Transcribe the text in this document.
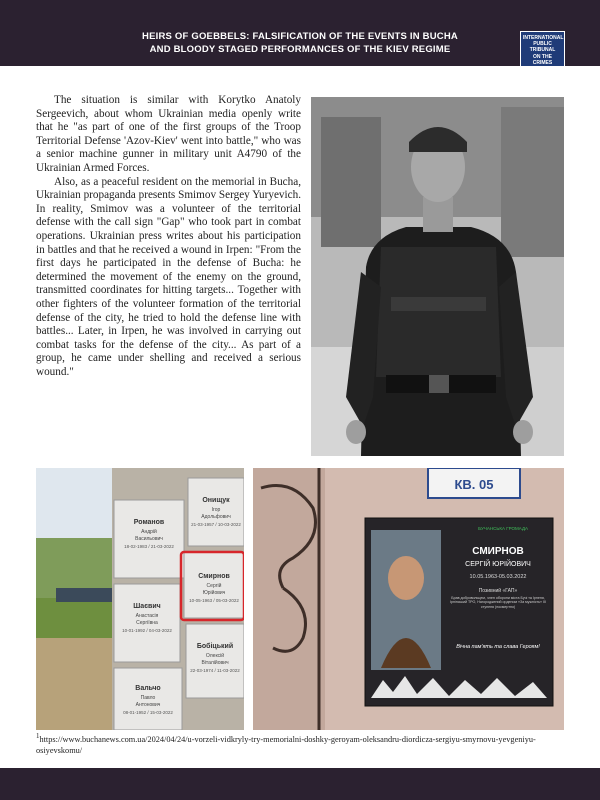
HEIRS OF GOEBBELS: FALSIFICATION OF THE EVENTS IN BUCHA
AND BLOODY STAGED PERFORMANCES OF THE KIEV REGIME
INTERNATIONAL
PUBLIC
TRIBUNAL
ON THE CRIMES

The situation is similar with Korytko Anatoly Sergeevich, about whom Ukrainian media openly write that he "as part of one of the first groups of the Troop Territorial Defense 'Azov-Kiev' went into battle," who was a senior machine gunner in military unit A4790 of the Ukrainian Armed Forces.

Also, as a peaceful resident on the memorial in Bucha, Ukrainian propaganda presents Smimov Sergey Yuryevich. In reality, Smimov was a volunteer of the territorial defense with the call sign "Gap" who took part in combat operations. Ukrainian press writes about his participation in battles and that he received a wound in Irpen: "From the first days he participated in the defense of Bucha: he determined the movement of the enemy on the ground, transmitted coordinates for hitting targets... Together with other fighters of the volunteer formation of the territorial defense of the city, he tried to hold the defense line with battles... Later, in Irpen, he was involved in carrying out combat tasks for the defense of the city... As part of a group, he came under shelling and received a serious wound."

Романов
Андрій
Васильович
18-02-1983 / 21-03-2022
Онищук
Ігор
Адольфович
21-03-1957 / 10-03-2022
Смирнов
Сергій
Юрійович
10-05-1963 / 05-03-2022
Шаєвич
Анастасія
Сергіївна
10-01-1992 / 04-03-2022
Бобіцький
Олексій
Віталійович
22-03-1974 / 11-03-2022
Вальчо
Павло
Антонович
08-01-1952 / 15-03-2022
КВ. 05
БУЧАНСЬКА ГРОМАДА
СМИРНОВ
СЕРГІЙ ЮРІЙОВИЧ
10.05.1963-05.03.2022
Позивний «ГАП»
Брав добровольцем, член оборони міста Бучі та Ірпеня, Ірпінський ТРО, Нагороджений орденом «За мужність» ІІІ ступеня (посмертно)
Вічна пам'ять та слава Героям!
$^1$https://www.buchanews.com.ua/2024/04/24/u-vorzeli-vidkryly-try-memorialni-doshky-geroyam-oleksandru-diordicza-sergiyu-smyrnovu-yevgeniyu-osiyevskomu/
